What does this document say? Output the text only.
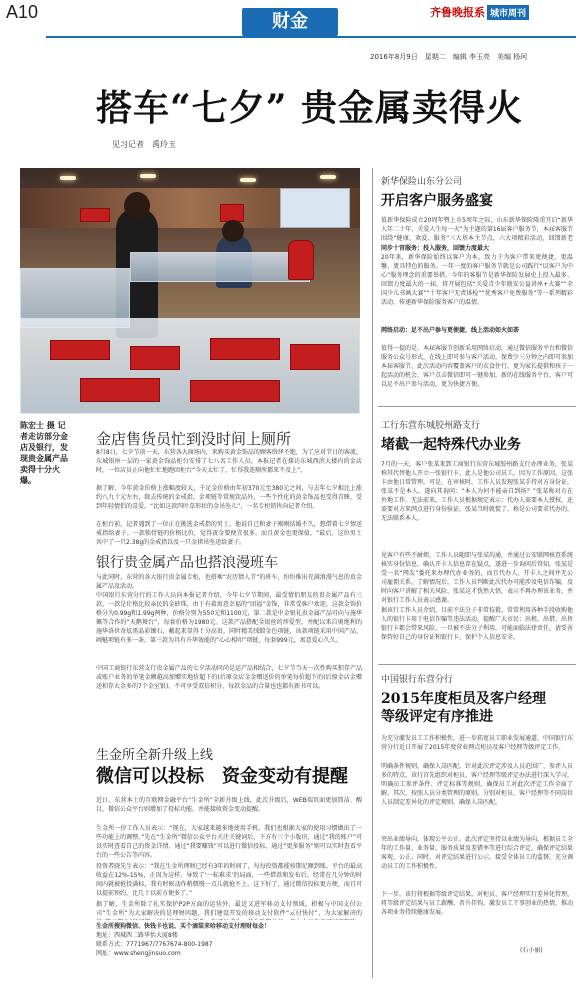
A10	财金	齐鲁晚报系 城市周刊
2016年8月9日　星期二　编辑 李玉亮　美编 杨珂
搭车“七夕” 贵金属卖得火
见习记者　禹玲玉
陈宏士 摄 记者走访部分金店及银行，发现贵金属产品卖得十分火爆。
金店售货员忙到没时间上厕所
8月8日，七夕节前一天，东营各大商场内，来购买黄金饰品的顾客络绎不绝，为了应对节日的客流，东城银座一层的一家黄金饰品柜台安排了七八名工作人员。本报记者在探访东城西滨大楼内的金店时，一位店员正向他忙忙地跑回柜台“今天太忙了，忙得我连厕所都来不及上”。
据了解，今年黄金价格上涨幅度较大，千足金价格由年初370元至380元之间，与去年七夕相比上涨约八九十元左右，除去传统的金戒指、金项链等常规饮品外，一些个性化的黄金饰品也受得青睐，受到年轻情侣的喜爱。“比如这款四叶草形状的金吊坠儿”，一名专柜销售向记者介绍。
在柜台前，记者遇到了一位正在挑选金戒指的男士，他说自己和妻子刚刚结婚不久，想借着七夕情送戒指给妻子。一款锁骨链的价格比价，觉得黄金要便宜很多。而且黄金也更保值，“最后，这位男士共中了一只2.38g的金戒指以及一只金猪吊坠送给妻子。
银行贵金属产品也搭浪漫班车
与此同时，东营的各大银行贵金属专柜，也搭乘“农历情人节”的班车，纷纷推出充满浪漫气息的贵金属产品及活动。
中国银行东营分行的工作人员向本报记者介绍，今年七夕节期间，最受情侣朋友的贵金属产品有三款，一款是仕格比较亲民的金砂珠，由于有着寓意幸福的“团福”金饰，非常受客户欢迎，这款金饰价格分为0.99g和1.99g两种，价格分别为550元和1100元，第二款是中金银礼贵金属产品可向与施华佩等合作的“天鹅舞台”，每套价格为1980元。这款产品搭配金银丝的珍爱型，并配以来自奥地利的施华洛世奇炫黑晶彩镶石，戴起来显得十分高贵，同时精美绒缎金色项链，该款项链采用中国产品，画魅项链有多一条，第三款为具有升华效能的“心心相印”项链，每套999元，寓意爱心久久。
中国工商银行东营支行贵金属产品的七夕活动同尚是运产品相结合，七夕节当天一次性购买积存产品或账户业务的单笔金额越高加赠实地价超下的(后原金店金金赠送价的单笔每价超下的(后原金店金赠送积存大金多的7个金室银)，不可享受双倍积分，每款金品的合量也也都有新书可以。
生金所全新升级上线
微信可以投标　资金变动有提醒
近日，东营本土的互联网金融平台“生金所”全新升级上线，此次升级后，WEB端页面更加简洁、醒目，微信公众平台则增加了投标功能，并能接收资金变动提醒。
生金所一位工作人员表示：“现在，大家越来越多地使用手机，我们也根据大家的使用习惯做出了一些功能上的调整。”先在“生金所”微信公众平台关注关键词后，下方有三个小版块，通过“我的账户”可以实时查看自己的资金详情，通过“我要赚钱”可以进行微信投标，通过“更多服务”则可以实时查看平台的一些公告等内容。
投资者晓先生表示：“我在生金所理财已经有3年的时间了，每每投资都能按期足额到账。平台的最高收益在12%-15%，正因为这样，导致了‘一标难求’的局面，一些借款和发布后，经常在几分钟的时间内就被抢投满标，我有时候动作稍微慢一点儿就抢不上，这下好了，通过微信投标更方便，而且可以提前预约，比几十以前方便多了。”
据了解，生金所除了扎实保护P2P方面的运营外，最近又进军移动支付领域，积极与中国支付公司“生金所”为大家解决的是理财问题，我们建设开发的移动支付软件“云付快付”，为大家解决的
生金所搜狗微信、快钱卡也说、买个滴装来哈移动支付理财每金！
地址：西城西二路华怡大厦8楼
联系方式：7771967/7767674-800-1987
网址：www.shengjinsuo.com
新华保险山东分公司
开启客户服务盛宴
值新华保险成立20周年暨上市5周年之际，山东新华保险隆重开启“新华人年二十年，关爱人生每一天”为主题的第16届客户服务节，本届客服节围绕“健康、欢爱、服务”三大基本主节点，六大项精彩活动，回馈新老
同步十官服务：投入服务，回馈力度最大
20年来，新华保险始终以客户为本，致力于为客户带来更便捷、更温馨、更具特色的服务。一年一度的客户服务节就是公司践行“以客户为中心”服务理念的重要举措。今年的客服节是新华保险发展史上投入最多、回馈力度最大的一届，将开展包括“关爱青少年瓶安公益讲座+大赛”“全国少儿书画大赛”“十年客户无责体检”“优秀客户免费服务”等一系列精彩活动，传递新华保险服务客户的温情。
网络启动：足不出户参与更便捷，线上活动如火如荼
值得一提的是，本届客服节创新采用网络启动，通过微信服务平台和微信服务公众号形式，在线上即可参与客户活动，保费少三分钟之内即可参加本届客服节，此次活动内容覆盖客户的衣食住行，更为家长提供和孩子一起活动的机会，客户点击微信即可一键参加，新的在线服务平台，客户可以足不出户参与活动，更为快捷方便。
工行东营东城胶州路支行
堵截一起特殊代办业务
7月的一天，客户张某来到工商银行东营东城胶州路支行办理业务，张某称其代替他人开立一张银行卡，此人是他公司员工，因为工作原因，这张卡由他日常管理。可是，在审核时，工作人员发现张某手持对方身份证，张某不是本人。遂向其询问：“本人为何不能亲自到场？”张某称对方在外地工作，无法前来。工作人员根据规定表示：代办人需要本人授权，还需要对方来网点进行身份验证。张某当时就慌了，称是公司要求代办的，无法联系本人。
见客户有些不耐烦，工作人员随即与张某沟通，并通过公安联网核查系统核实身份信息，确认开卡人信息存在疑点，遂进一步询问后得知，张某是受一名“网友”委托来办理代办业务的，而且代办人、开卡人之间并无公司雇佣关系。了解情况后，工作人员判断此次代办可能涉及电信诈骗，及时向客户讲解了相关风险，张某这才恍然大悟，表示不再办理该业务，并对银行工作人员表示感谢。
据该行工作人员介绍，目前不法分子非常狡猾，常常利用各种手段收购他人的银行卡用于电信诈骗等违法活动，提醒广大市民：出租、出借、出售银行卡都会带来风险，一旦被不法分子利用，可能面临法律责任，请妥善保管好自己的身份证和银行卡，保护个人信息安全。
中国银行东营分行
2015年度柜员及客户经理
等级评定有序推进
为充分激发员工工作积极性，进一步拓宽员工职业发展通道，中国银行东营分行近日开展了2015年度营业网点柜员及客户经理等级评定工作。
明确条件规则，确保人岗匹配。针对此次评定涉及人员范围广、参评人员多的特点，该行首先组织对柜员、客户经理等级评定办法进行深入学习，明确员工参评条件、评定标准等规则，确保员工对此次评定工作全面了解。其次，按照人员分类管理的原则，分别对柜员、客户经理等不同岗位人员制定差异化的评定规则，确保人岗匹配。
突出业绩导向，体现公平公正。此次评定坚持以业绩为导向，根据员工全年的工作量、业务量、服务质量及差错率等进行综合评定，确保评定结果客观、公正。同时，对评定结果进行公示，接受全体员工的监督，充分调动员工的工作积极性。
下一步，该行将根据等级评定结果，对柜员、客户经理实行差异化管理，将等级评定结果与员工薪酬、晋升挂钩，激发员工干事创业的热情，推动各项业务持续健康发展。
(石小丽)
